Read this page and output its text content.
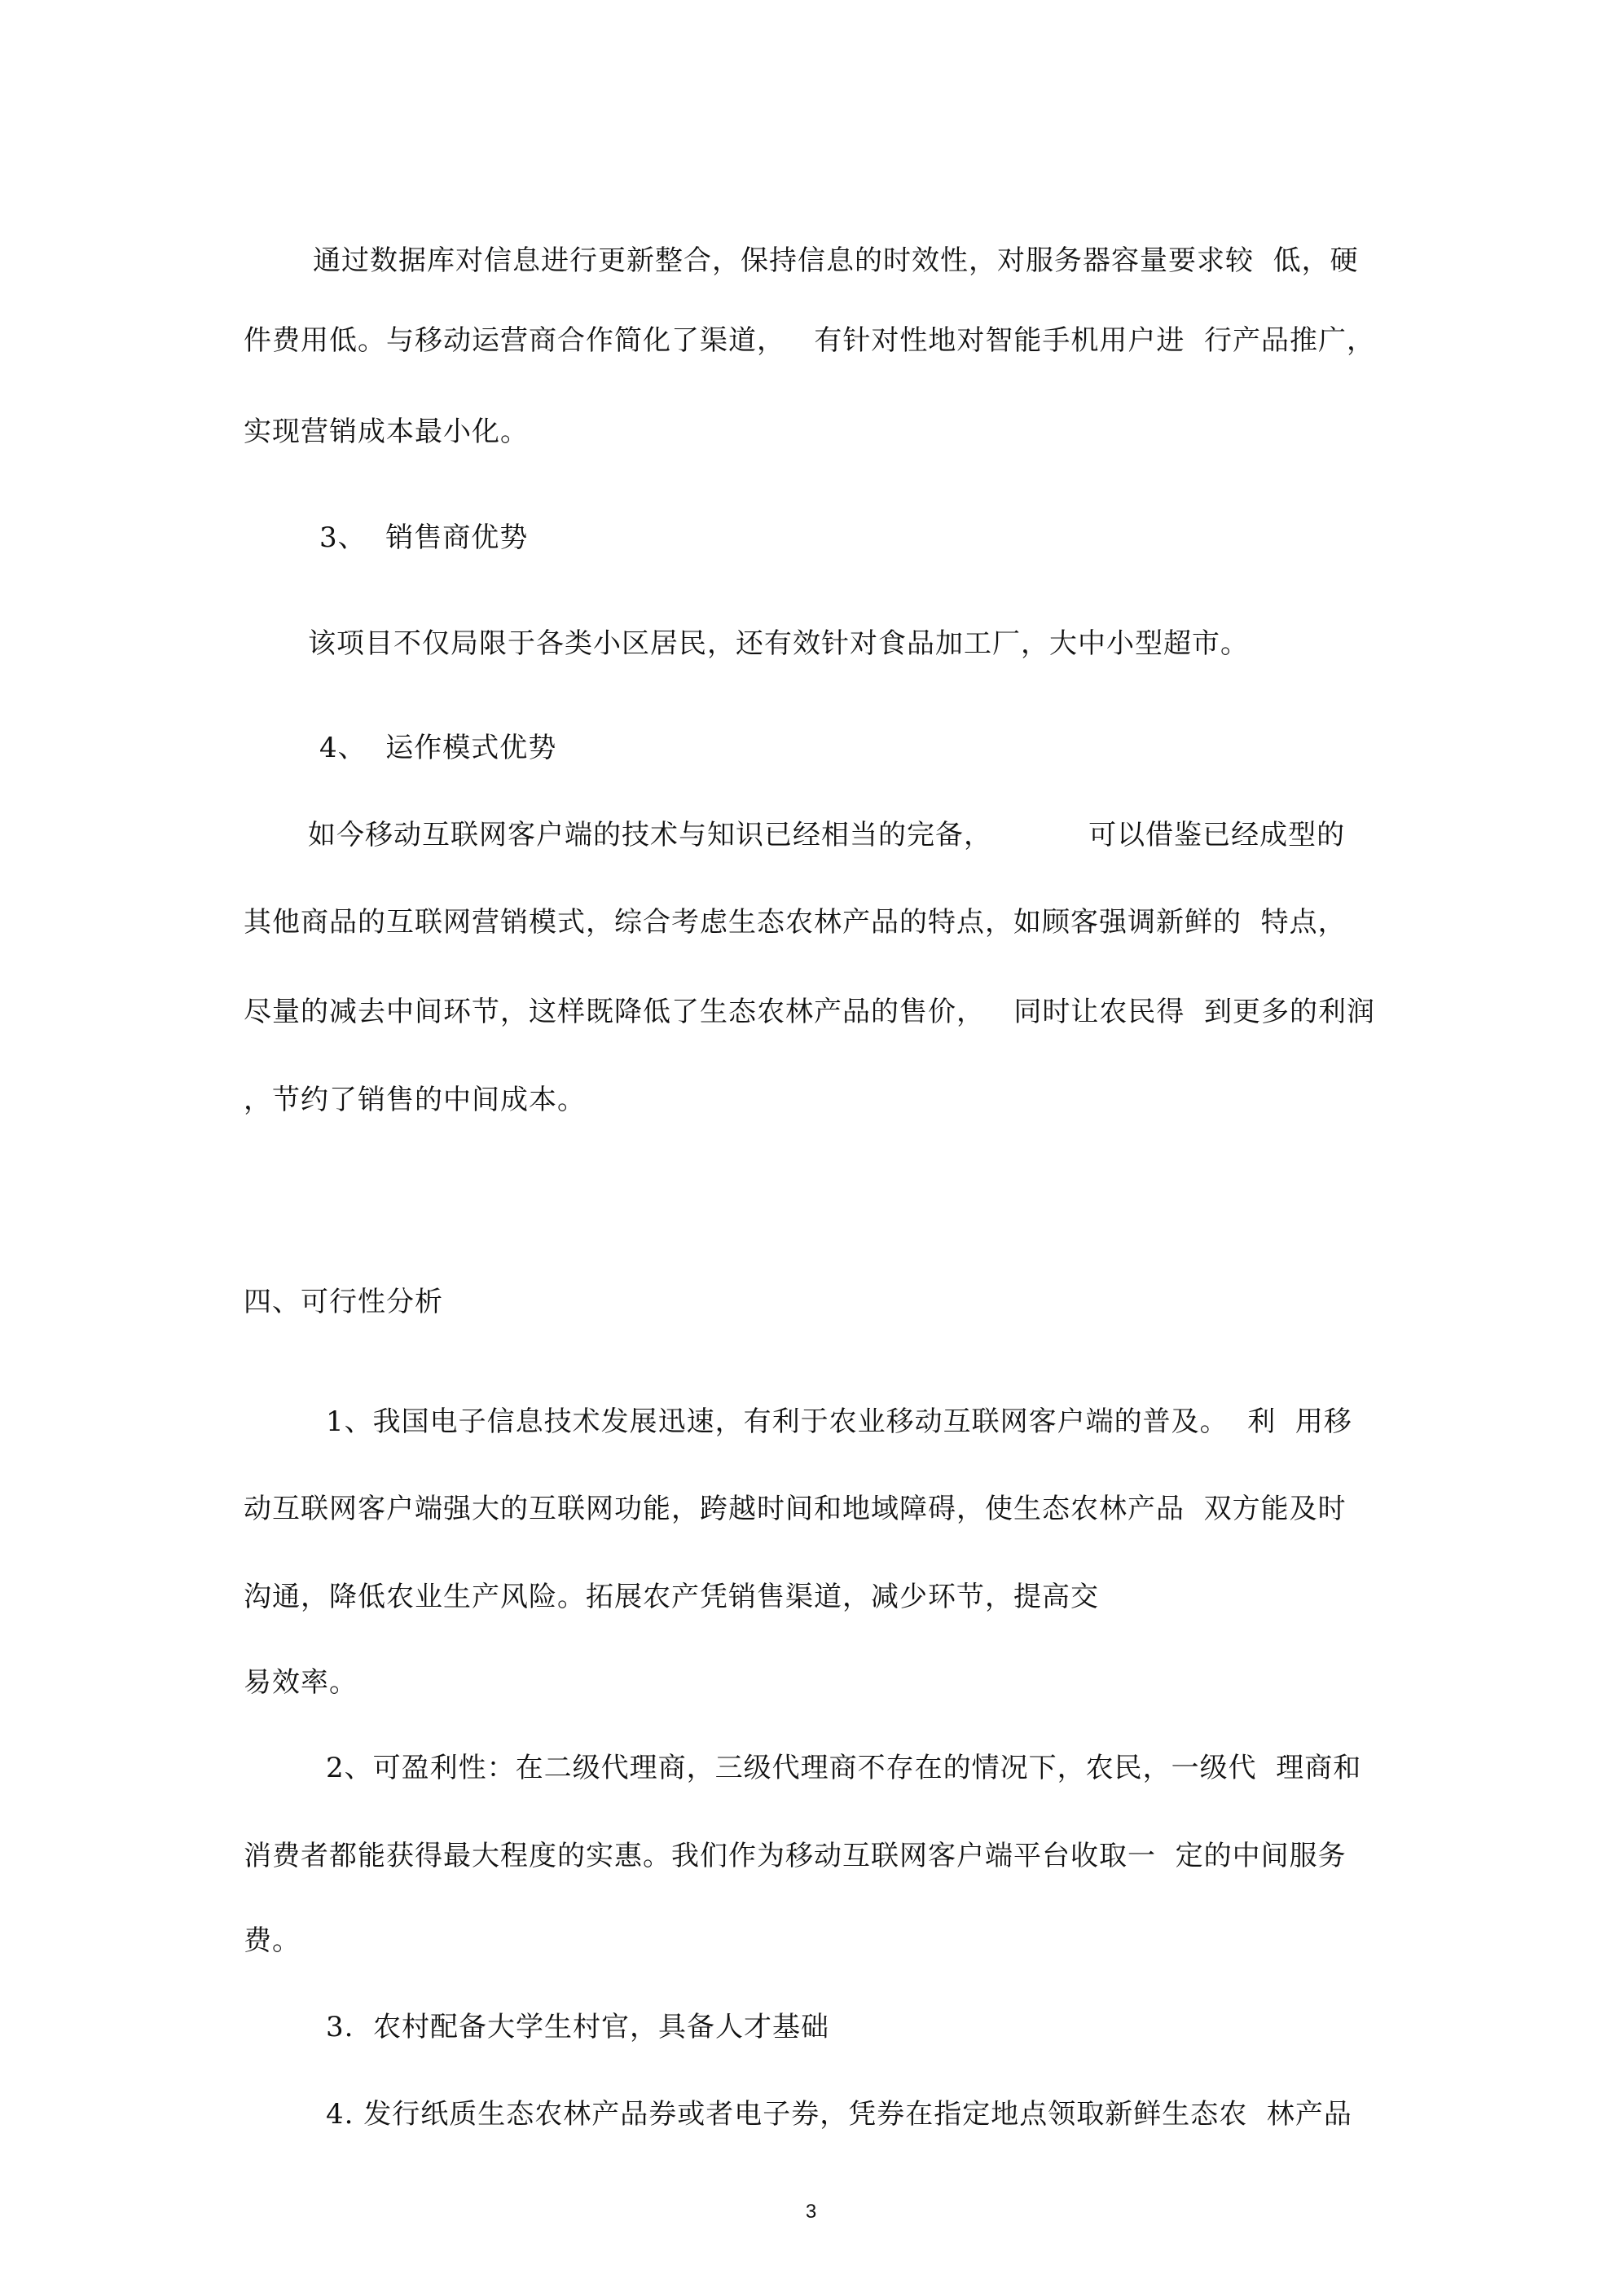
通过数据库对信息进行更新整合，保持信息的时效性，对服务器容量要求较  低，硬
件费用低。与移动运营商合作简化了渠道，   有针对性地对智能手机用户进  行产品推广，
实现营销成本最小化。
3、  销售商优势
该项目不仅局限于各类小区居民，还有效针对食品加工厂，大中小型超市。
4、  运作模式优势
如今移动互联网客户端的技术与知识已经相当的完备，          可以借鉴已经成型的
其他商品的互联网营销模式，综合考虑生态农林产品的特点，如顾客强调新鲜的  特点，
尽量的减去中间环节，这样既降低了生态农林产品的售价，   同时让农民得  到更多的利润
，节约了销售的中间成本。
四、可行性分析
1、我国电子信息技术发展迅速，有利于农业移动互联网客户端的普及。  利  用移
动互联网客户端强大的互联网功能，跨越时间和地域障碍，使生态农林产品  双方能及时
沟通，降低农业生产风险。拓展农产凭销售渠道，减少环节，提高交
易效率。
2、可盈利性：在二级代理商，三级代理商不存在的情况下，农民，一级代  理商和
消费者都能获得最大程度的实惠。我们作为移动互联网客户端平台收取一  定的中间服务
费。
3.  农村配备大学生村官，具备人才基础
4. 发行纸质生态农林产品券或者电子券，凭券在指定地点领取新鲜生态农  林产品
3
